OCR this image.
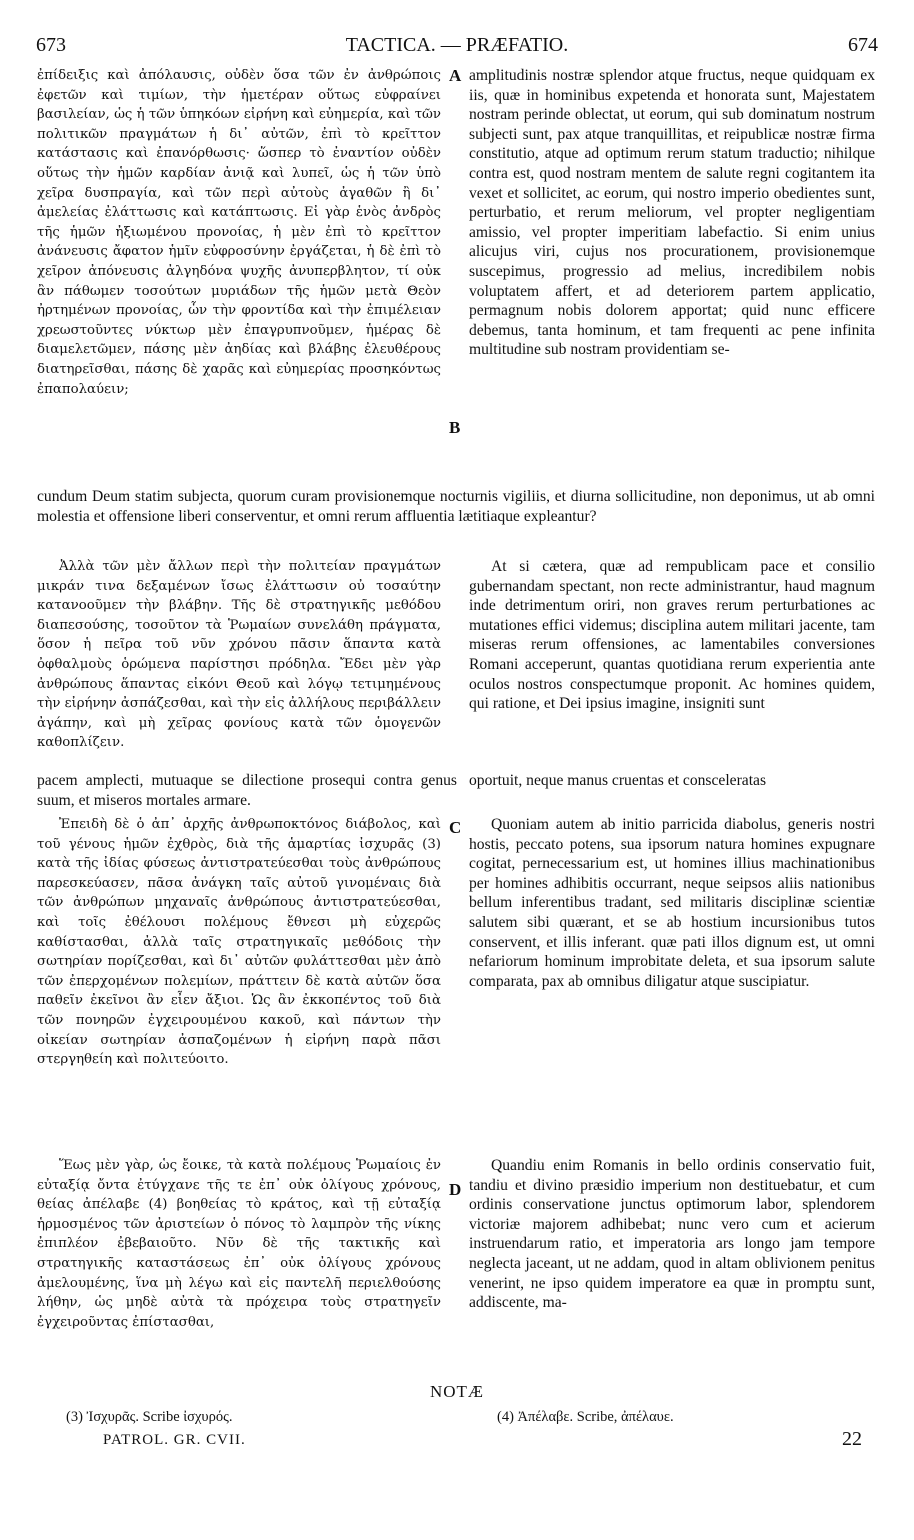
673	TACTICA. — PRÆFATIO.	674
ἐπίδειξις καὶ ἀπόλαυσις, οὐδὲν ὅσα τῶν ἐν ἀνθρώποις ἐφετῶν καὶ τιμίων, τὴν ἡμετέραν οὕτως εὐφραίνει βασιλείαν, ὡς ἡ τῶν ὑπηκόων εἰρήνη καὶ εὐημερία, καὶ τῶν πολιτικῶν πραγμάτων ἡ δι᾿ αὐτῶν, ἐπὶ τὸ κρεῖττον κατάστασις καὶ ἐπανόρθωσις· ὥσπερ τὸ ἐναντίον οὐδὲν οὕτως τὴν ἡμῶν καρδίαν ἀνιᾷ καὶ λυπεῖ, ὡς ἡ τῶν ὑπὸ χεῖρα δυσπραγία, καὶ τῶν περὶ αὐτοὺς ἀγαθῶν ἢ δι᾿ ἀμελείας ἐλάττωσις καὶ κατάπτωσις. Εἰ γὰρ ἑνὸς ἀνδρὸς τῆς ἡμῶν ἠξιωμένου προνοίας, ἡ μὲν ἐπὶ τὸ κρεῖττον ἀνάνευσις ἄφατον ἡμῖν εὐφροσύνην ἐργάζεται, ἡ δὲ ἐπὶ τὸ χεῖρον ἀπόνευσις ἀλγηδόνα ψυχῆς ἀνυπερβλητον, τί οὐκ ἂν πάθωμεν τοσούτων μυριάδων τῆς ἡμῶν μετὰ Θεὸν ἠρτημένων προνοίας, ὧν τὴν φροντίδα καὶ τὴν ἐπιμέλειαν χρεωστοῦντες νύκτωρ μὲν ἐπαγρυπνοῦμεν, ἡμέρας δὲ διαμελετῶμεν, πάσης μὲν ἀηδίας καὶ βλάβης ἐλευθέρους διατηρεῖσθαι, πάσης δὲ χαρᾶς καὶ εὐημερίας προσηκόντως ἐπαπολαύειν;
A amplitudinis nostræ splendor atque fructus, neque quidquam ex iis, quæ in hominibus expetenda et honorata sunt, Majestatem nostram perinde oblectat, ut eorum, qui sub dominatum nostrum subjecti sunt, pax atque tranquillitas, et reipublicæ nostræ firma constitutio, atque ad optimum rerum statum traductio; nihilque contra est, quod nostram mentem de salute regni cogitantem ita vexet et sollicitet, ac eorum, qui nostro imperio obedientes sunt, perturbatio, et rerum meliorum, vel propter negligentiam amissio, vel propter imperitiam labefactio. Si enim unius alicujus viri, cujus nos procurationem, provisionemque suscepimus, progressio ad melius, incredibilem nobis voluptatem affert, et ad deteriorem partem applicatio, permagnum nobis dolorem apportat; quid nunc efficere debemus, tanta hominum, et tam frequenti ac pene infinita multitudine sub nostram providentiam se-
B
cundum Deum statim subjecta, quorum curam provisionemque nocturnis vigiliis, et diurna sollicitudine, non deponimus, ut ab omni molestia et offensione liberi conserventur, et omni rerum affluentia lætitiaque expleantur?
Ἀλλὰ τῶν μὲν ἄλλων περὶ τὴν πολιτείαν πραγμάτων μικράν τινα δεξαμένων ἴσως ἐλάττωσιν οὐ τοσαύτην κατανοοῦμεν τὴν βλάβην. Τῆς δὲ στρατηγικῆς μεθόδου διαπεσούσης, τοσοῦτον τὰ Ῥωμαίων συνελάθη πράγματα, ὅσον ἡ πεῖρα τοῦ νῦν χρόνου πᾶσιν ἅπαντα κατὰ ὀφθαλμοὺς ὁρώμενα παρίστησι πρόδηλα. Ἔδει μὲν γὰρ ἀνθρώπους ἅπαντας εἰκόνι Θεοῦ καὶ λόγῳ τετιμημένους τὴν εἰρήνην ἀσπάζεσθαι, καὶ τὴν εἰς ἀλλήλους περιβάλλειν ἀγάπην, καὶ μὴ χεῖρας φονίους κατὰ τῶν ὁμογενῶν καθοπλίζειν.
At si cætera, quæ ad rempublicam pace et consilio gubernandam spectant, non recte administrantur, haud magnum inde detrimentum oriri, non graves rerum perturbationes ac mutationes effici videmus; disciplina autem militari jacente, tam miseras rerum offensiones, ac lamentabiles conversiones Romani acceperunt, quantas quotidiana rerum experientia ante oculos nostros conspectumque proponit. Ac homines quidem, qui ratione, et Dei ipsius imagine, insigniti sunt
pacem amplecti, mutuaque se dilectione prosequi contra genus suum, et miseros mortales armare.
oportuit, neque manus cruentas et consceleratas
Ἐπειδὴ δὲ ὁ ἀπ᾿ ἀρχῆς ἀνθρωποκτόνος διάβολος, καὶ τοῦ γένους ἡμῶν ἐχθρὸς, διὰ τῆς ἁμαρτίας ἰσχυρᾶς (3) κατὰ τῆς ἰδίας φύσεως ἀντιστρατεύεσθαι τοὺς ἀνθρώπους παρεσκεύασεν, πᾶσα ἀνάγκη ταῖς αὐτοῦ γινομέναις διὰ τῶν ἀνθρώπων μηχαναῖς ἀνθρώπους ἀντιστρατεύεσθαι, καὶ τοῖς ἐθέλουσι πολέμους ἔθνεσι μὴ εὐχερῶς καθίστασθαι, ἀλλὰ ταῖς στρατηγικαῖς μεθόδοις τὴν σωτηρίαν πορίζεσθαι, καὶ δι᾿ αὐτῶν φυλάττεσθαι μὲν ἀπὸ τῶν ἐπερχομένων πολεμίων, πράττειν δὲ κατὰ αὐτῶν ὅσα παθεῖν ἐκεῖνοι ἂν εἶεν ἄξιοι. Ὡς ἂν ἐκκοπέντος τοῦ διὰ τῶν πονηρῶν ἐγχειρουμένου κακοῦ, καὶ πάντων τὴν οἰκείαν σωτηρίαν ἀσπαζομένων ἡ εἰρήνη παρὰ πᾶσι στεργηθείη καὶ πολιτεύοιτο.
C	Quoniam autem ab initio parricida diabolus, generis nostri hostis, peccato potens, sua ipsorum natura homines expugnare cogitat, pernecessarium est, ut homines illius machinationibus per homines adhibitis occurrant, neque seipsos aliis nationibus bellum inferentibus tradant, sed militaris disciplinæ scientiæ salutem sibi quærant, et se ab hostium incursionibus tutos conservent, et illis inferant. quæ pati illos dignum est, ut omni nefariorum hominum improbitate deleta, et sua ipsorum salute comparata, pax ab omnibus diligatur atque suscipiatur.
Ἕως μὲν γὰρ, ὡς ἔοικε, τὰ κατὰ πολέμους Ῥωμαίοις ἐν εὐταξίᾳ ὄντα ἐτύγχανε τῆς τε ἐπ᾿ οὐκ ὀλίγους χρόνους, θείας ἀπέλαβε (4) βοηθείας τὸ κράτος, καὶ τῇ εὐταξίᾳ ἡρμοσμένος τῶν ἀριστείων ὁ πόνος τὸ λαμπρὸν τῆς νίκης ἐπιπλέον ἐβεβαιοῦτο. Νῦν δὲ τῆς τακτικῆς καὶ στρατηγικῆς καταστάσεως ἐπ᾿ οὐκ ὀλίγους χρόνους ἀμελουμένης, ἵνα μὴ λέγω καὶ εἰς παντελῆ περιελθούσης λήθην, ὡς μηδὲ αὐτὰ τὰ πρόχειρα τοὺς στρατηγεῖν ἐγχειροῦντας ἐπίστασθαι,
D
Quandiu enim Romanis in bello ordinis conservatio fuit, tandiu et divino præsidio imperium non destituebatur, et cum ordinis conservatione junctus optimorum labor, splendorem victoriæ majorem adhibebat; nunc vero cum et acierum instruendarum ratio, et imperatoria ars longo jam tempore neglecta jaceant, ut ne addam, quod in altam oblivionem penitus venerint, ne ipso quidem imperatore ea quæ in promptu sunt, addiscente, ma-
NOTÆ
(3) Ἰσχυρᾶς. Scribe ἰσχυρός.	(4) Ἀπέλαβε. Scribe, ἀπέλαυε.
PATROL. GR. CVII.	22
